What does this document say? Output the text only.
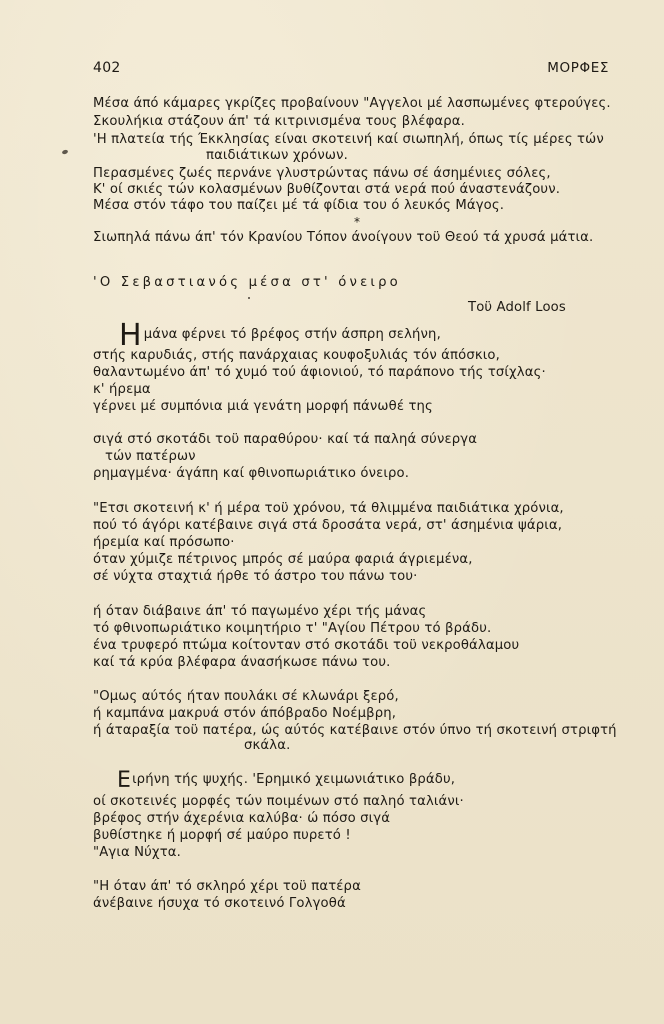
402	ΜΟΡΦΕΣ
Μέσα άπό κάμαρες γκρίζες προβαίνουν "Αγγελοι μέ λασπωμένες φτερούγες.
Σκουλήκια στάζουν άπ' τά κιτρινισμένα τους βλέφαρα.
'Η πλατεία τής Έκκλησίας είναι σκοτεινή καί σιωπηλή, όπως τίς μέρες τών
παιδιάτικων χρόνων.
Περασμένες ζωές περνάνε γλυστρώντας πάνω σέ άσημένιες σόλες,
Κ' οί σκιές τών κολασμένων βυθίζονται στά νερά πού άναστενάζουν.
Μέσα στόν τάφο του παίζει μέ τά φίδια του ό λευκός Μάγος.
*
Σιωπηλά πάνω άπ' τόν Κρανίου Τόπον άνοίγουν τοϋ Θεού τά χρυσά μάτια.
'Ο Σεβαστιανός μέσα στ' όνειρο
Τοϋ Adolf Loos
Ημάνα φέρνει τό βρέφος στήν άσπρη σελήνη,
στής καρυδιάς, στής πανάρχαιας κουφοξυλιάς τόν άπόσκιο,
θαλαντωμένο άπ' τό χυμό τού άφιονιού, τό παράπονο τής τσίχλας·
κ' ήρεμα
γέρνει μέ συμπόνια μιά γενάτη μορφή πάνωθέ της
σιγά στό σκοτάδι τοϋ παραθύρου· καί τά παληά σύνεργα
τών πατέρων
ρημαγμένα· άγάπη καί φθινοπωριάτικο όνειρο.
"Ετσι σκοτεινή κ' ή μέρα τοϋ χρόνου, τά θλιμμένα παιδιάτικα χρόνια,
πού τό άγόρι κατέβαινε σιγά στά δροσάτα νερά, στ' άσημένια ψάρια,
ήρεμία καί πρόσωπο·
όταν χύμιζε πέτρινος μπρός σέ μαύρα φαριά άγριεμένα,
σέ νύχτα σταχτιά ήρθε τό άστρο του πάνω του·
ή όταν διάβαινε άπ' τό παγωμένο χέρι τής μάνας
τό φθινοπωριάτικο κοιμητήριο τ' "Αγίου Πέτρου τό βράδυ.
ένα τρυφερό πτώμα κοίτονταν στό σκοτάδι τοϋ νεκροθάλαμου
καί τά κρύα βλέφαρα άνασήκωσε πάνω του.
"Ομως αύτός ήταν πουλάκι σέ κλωνάρι ξερό,
ή καμπάνα μακρυά στόν άπόβραδο Νοέμβρη,
ή άταραξία τοϋ πατέρα, ώς αύτός κατέβαινε στόν ύπνο τή σκοτεινή στριφτή
σκάλα.
Ειρήνη τής ψυχής. 'Ερημικό χειμωνιάτικο βράδυ,
οί σκοτεινές μορφές τών ποιμένων στό παληό ταλιάνι·
βρέφος στήν άχερένια καλύβα· ώ πόσο σιγά
βυθίστηκε ή μορφή σέ μαύρο πυρετό !
"Αγια Νύχτα.
"Η όταν άπ' τό σκληρό χέρι τοϋ πατέρα
άνέβαινε ήσυχα τό σκοτεινό Γολγοθά
